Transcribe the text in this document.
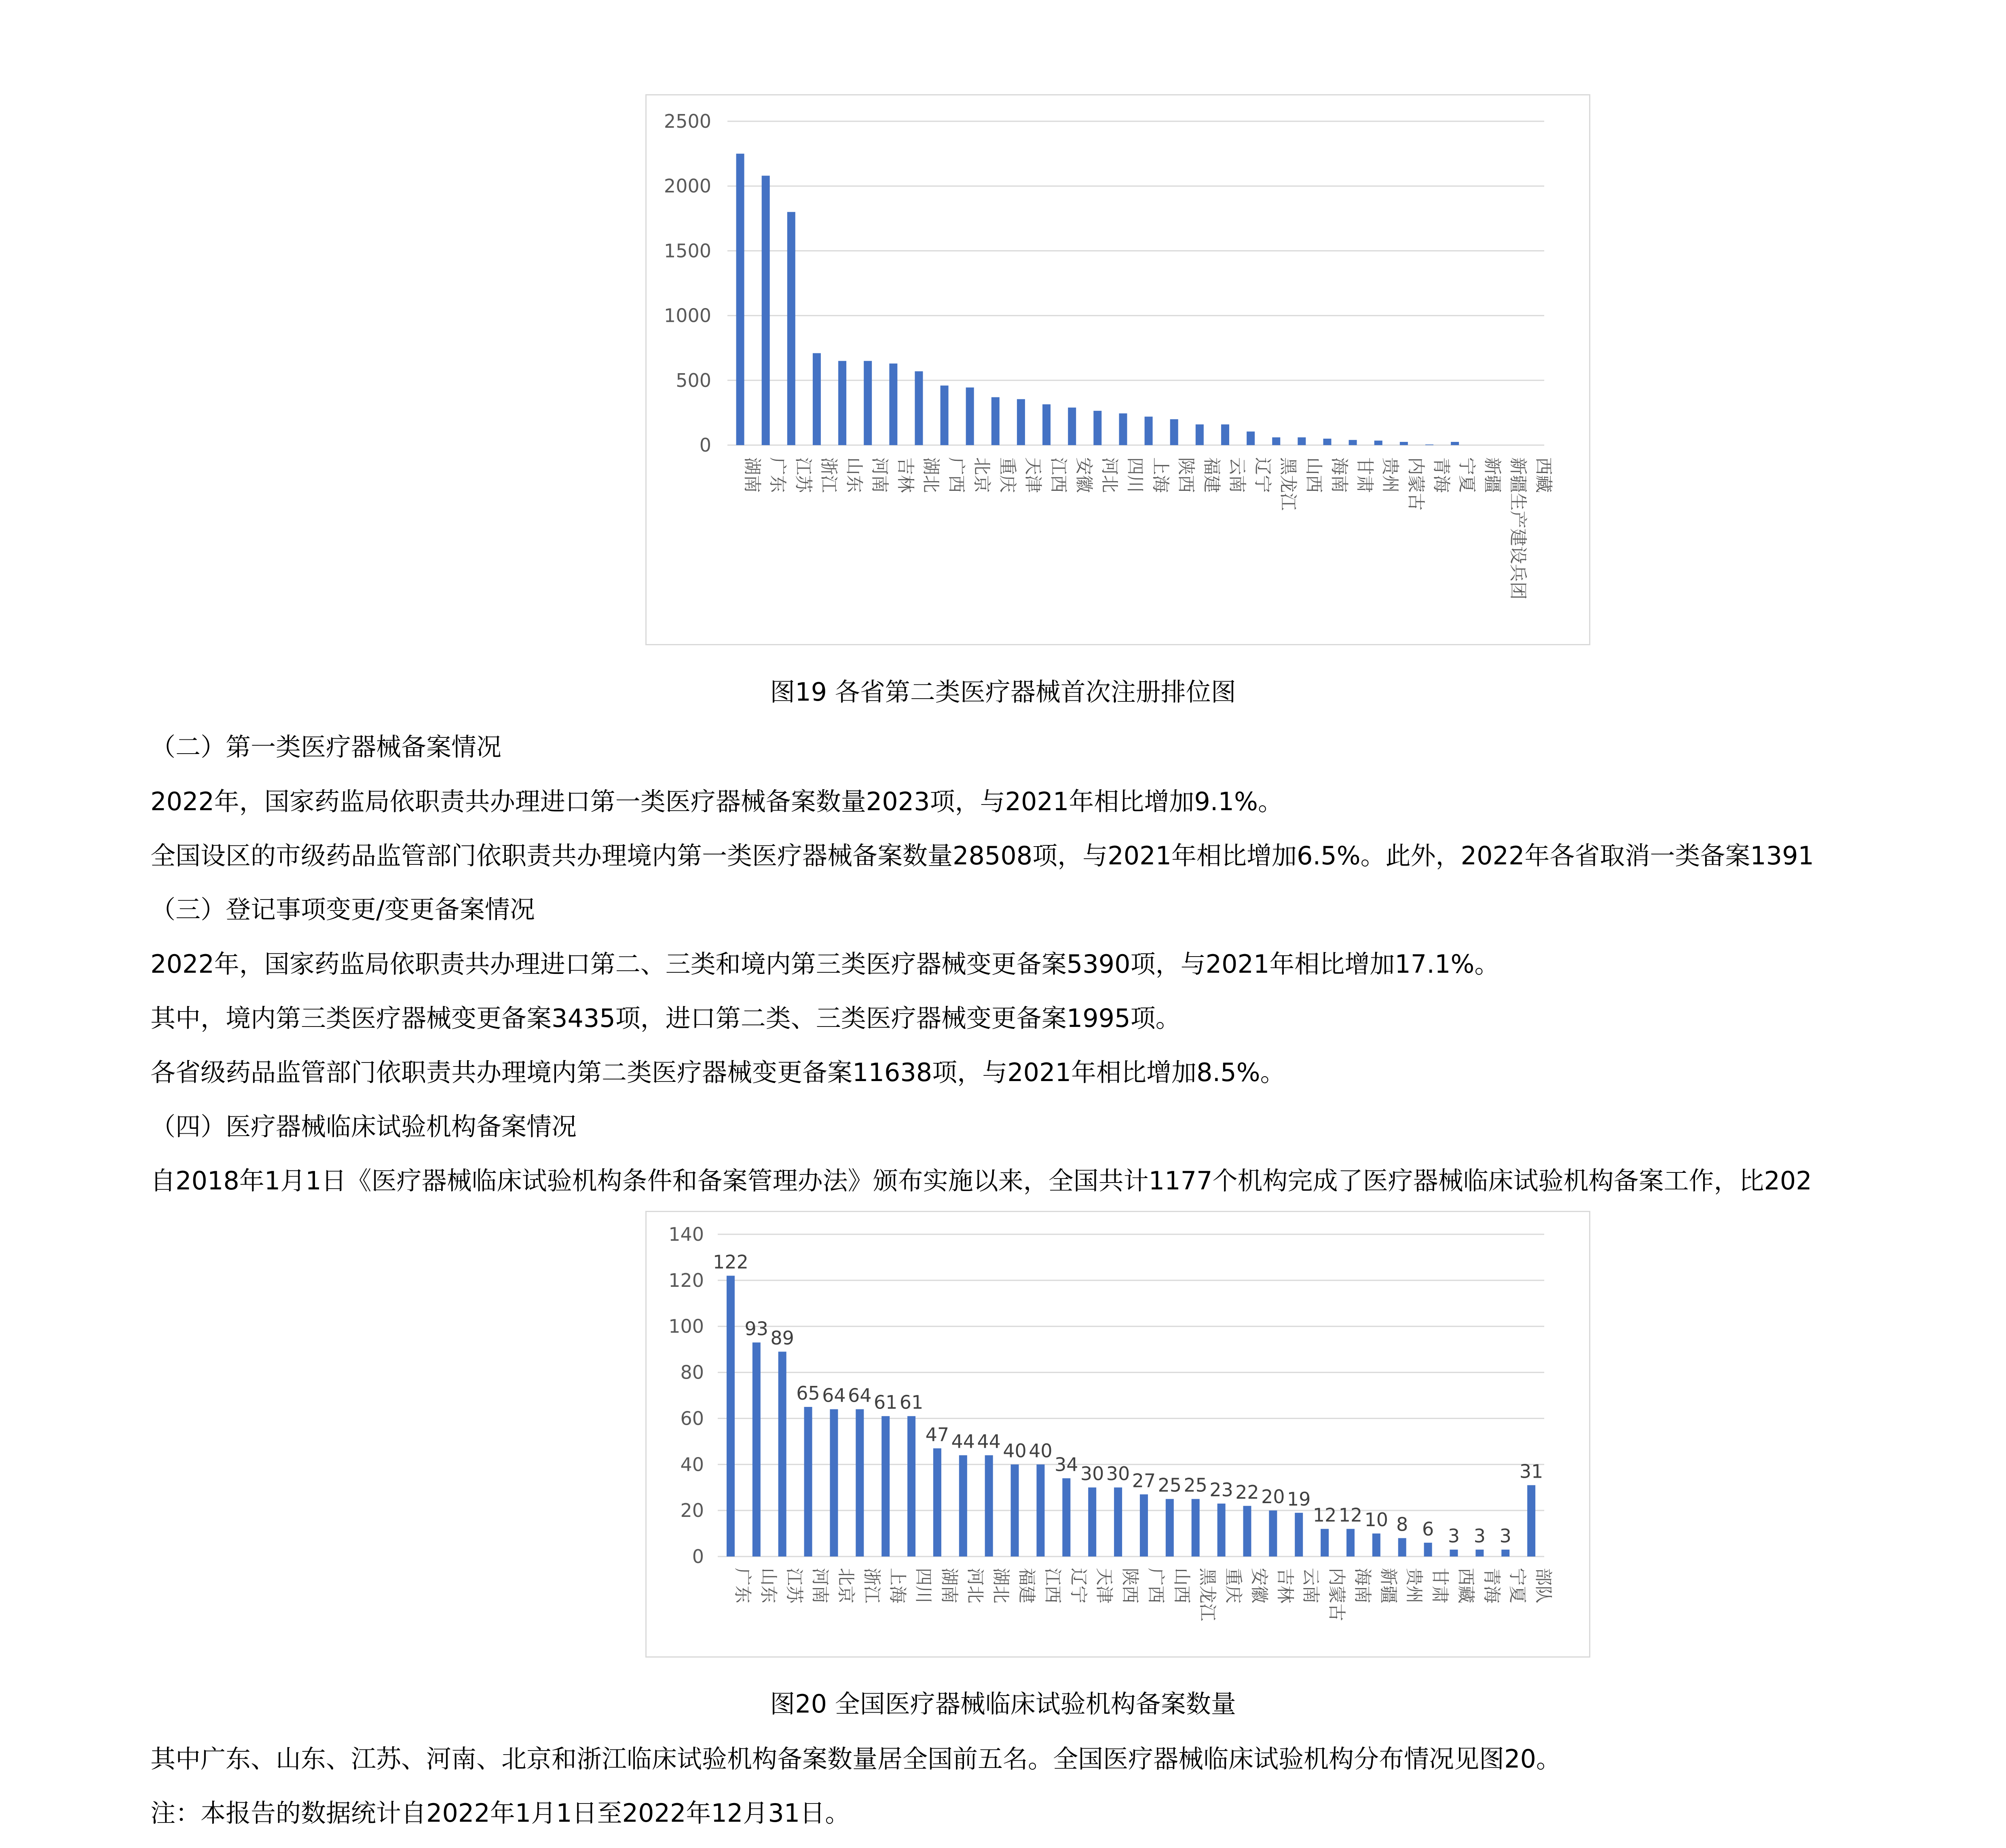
0
500
1000
1500
2000
2500
湖南 广东 江苏 浙江 山东 河南 吉林 湖北 广西 北京 重庆 天津 江西 安徽 河北 四川 上海 陕西 福建 云南 辽宁 黑龙江 山西 海南 甘肃 贵州 内蒙古 青海 宁夏 新疆 新疆生产建设兵团 西藏
图19 各省第二类医疗器械首次注册排位图
（二）第一类医疗器械备案情况
2022年，国家药监局依职责共办理进口第一类医疗器械备案数量2023项，与2021年相比增加9.1%。
全国设区的市级药品监管部门依职责共办理境内第一类医疗器械备案数量28508项，与2021年相比增加6.5%。此外，2022年各省取消一类备案1391
（三）登记事项变更/变更备案情况
2022年，国家药监局依职责共办理进口第二、三类和境内第三类医疗器械变更备案5390项，与2021年相比增加17.1%。
其中，境内第三类医疗器械变更备案3435项，进口第二类、三类医疗器械变更备案1995项。
各省级药品监管部门依职责共办理境内第二类医疗器械变更备案11638项，与2021年相比增加8.5%。
（四）医疗器械临床试验机构备案情况
自2018年1月1日《医疗器械临床试验机构条件和备案管理办法》颁布实施以来，全国共计1177个机构完成了医疗器械临床试验机构备案工作，比202
0
20
40
60
80
100
120
140
122
广东
93
山东
89
江苏
65
河南
64
北京
64
浙江
61
上海
61
四川
47
湖南
44
河北
44
湖北
40
福建
40
江西
34
辽宁
30
天津
30
陕西
27
广西
25
山西
25
黑龙江
23
重庆
22
安徽
20
吉林
19
云南
12
内蒙古
12
海南
10
新疆
8
贵州
6
甘肃
3
西藏
3
青海
3
宁夏
31
部队
图20 全国医疗器械临床试验机构备案数量
其中广东、山东、江苏、河南、北京和浙江临床试验机构备案数量居全国前五名。全国医疗器械临床试验机构分布情况见图20。
注：本报告的数据统计自2022年1月1日至2022年12月31日。
